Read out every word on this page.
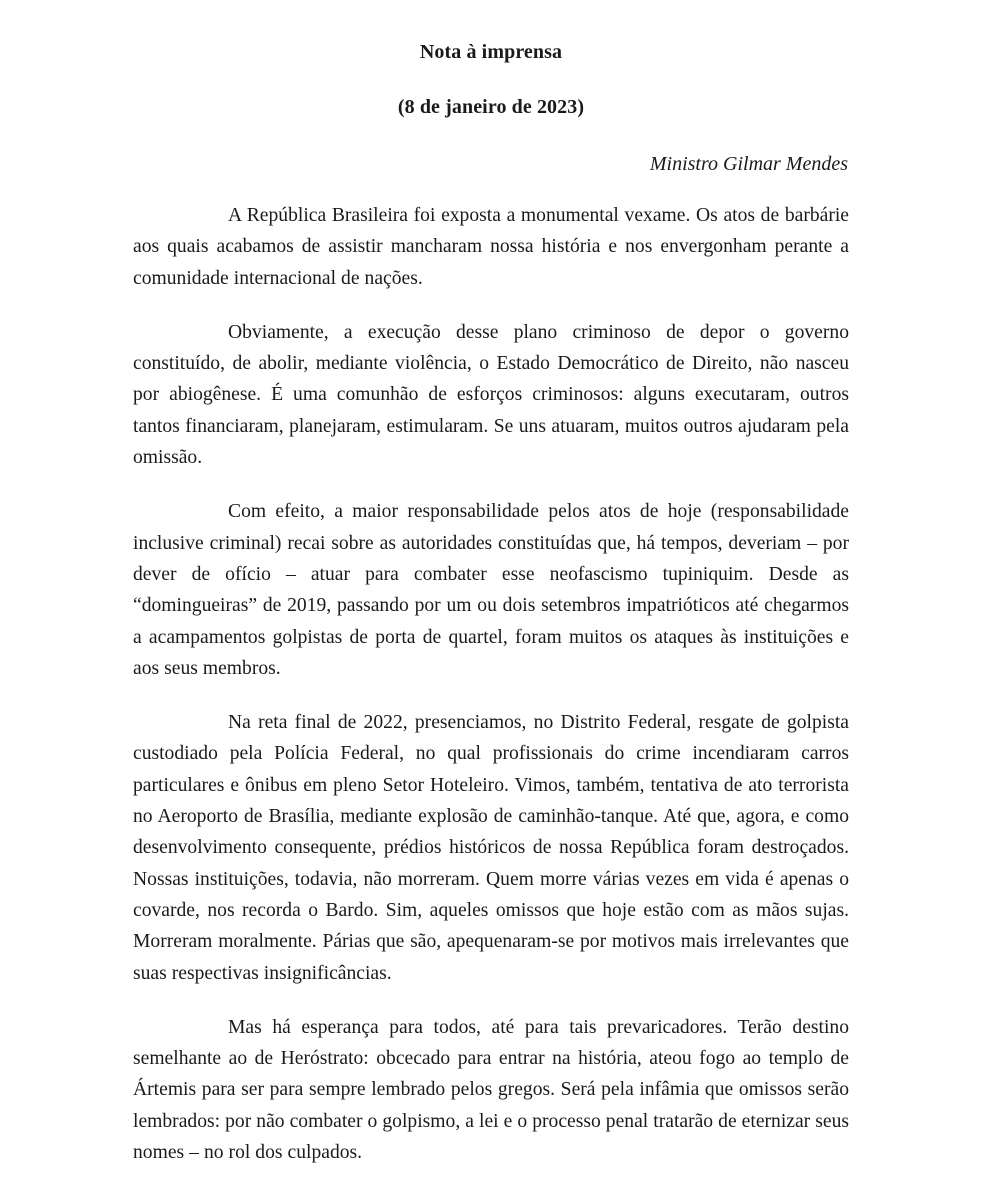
Nota à imprensa
(8 de janeiro de 2023)

Ministro Gilmar Mendes

A República Brasileira foi exposta a monumental vexame. Os atos de barbárie aos quais acabamos de assistir mancharam nossa história e nos envergonham perante a comunidade internacional de nações.

Obviamente, a execução desse plano criminoso de depor o governo constituído, de abolir, mediante violência, o Estado Democrático de Direito, não nasceu por abiogênese. É uma comunhão de esforços criminosos: alguns executaram, outros tantos financiaram, planejaram, estimularam. Se uns atuaram, muitos outros ajudaram pela omissão.

Com efeito, a maior responsabilidade pelos atos de hoje (responsabilidade inclusive criminal) recai sobre as autoridades constituídas que, há tempos, deveriam – por dever de ofício – atuar para combater esse neofascismo tupiniquim. Desde as “domingueiras” de 2019, passando por um ou dois setembros impatrióticos até chegarmos a acampamentos golpistas de porta de quartel, foram muitos os ataques às instituições e aos seus membros.

Na reta final de 2022, presenciamos, no Distrito Federal, resgate de golpista custodiado pela Polícia Federal, no qual profissionais do crime incendiaram carros particulares e ônibus em pleno Setor Hoteleiro. Vimos, também, tentativa de ato terrorista no Aeroporto de Brasília, mediante explosão de caminhão-tanque. Até que, agora, e como desenvolvimento consequente, prédios históricos de nossa República foram destroçados. Nossas instituições, todavia, não morreram. Quem morre várias vezes em vida é apenas o covarde, nos recorda o Bardo. Sim, aqueles omissos que hoje estão com as mãos sujas. Morreram moralmente. Párias que são, apequenaram-se por motivos mais irrelevantes que suas respectivas insignificâncias.

Mas há esperança para todos, até para tais prevaricadores. Terão destino semelhante ao de Heróstrato: obcecado para entrar na história, ateou fogo ao templo de Ártemis para ser para sempre lembrado pelos gregos. Será pela infâmia que omissos serão lembrados: por não combater o golpismo, a lei e o processo penal tratarão de eternizar seus nomes – no rol dos culpados.
